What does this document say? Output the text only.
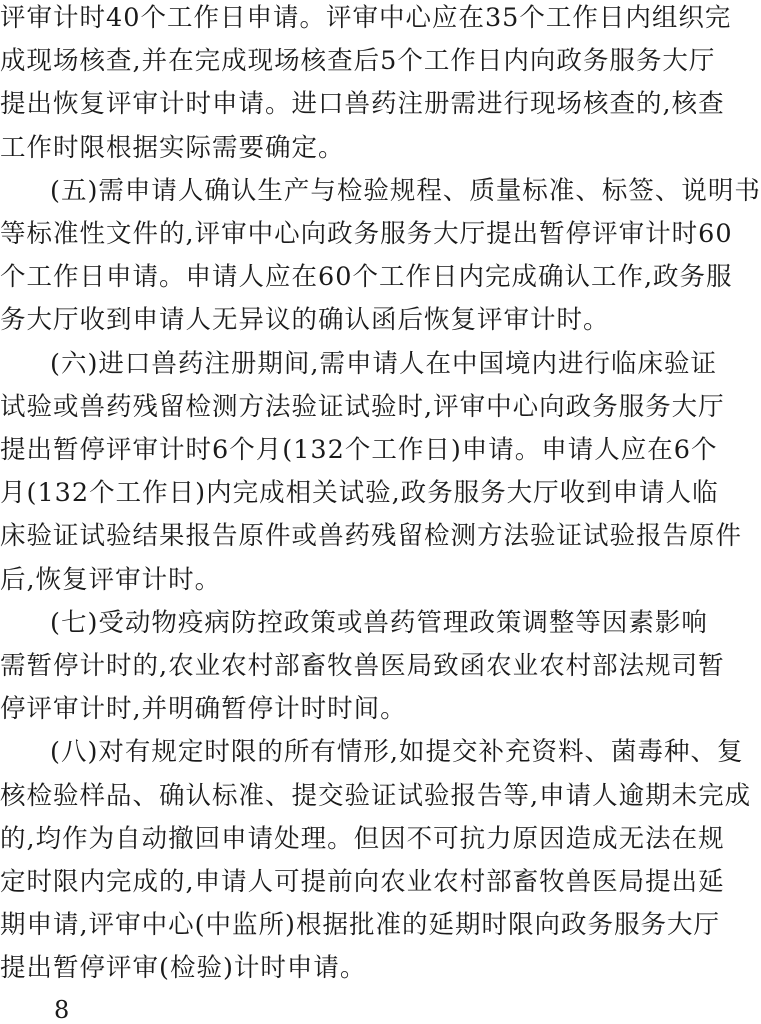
评审计时40个工作日申请。评审中心应在35个工作日内组织完
成现场核查,并在完成现场核查后5个工作日内向政务服务大厅
提出恢复评审计时申请。进口兽药注册需进行现场核查的,核查
工作时限根据实际需要确定。
(五)需申请人确认生产与检验规程、质量标准、标签、说明书
等标准性文件的,评审中心向政务服务大厅提出暂停评审计时60
个工作日申请。申请人应在60个工作日内完成确认工作,政务服
务大厅收到申请人无异议的确认函后恢复评审计时。
(六)进口兽药注册期间,需申请人在中国境内进行临床验证
试验或兽药残留检测方法验证试验时,评审中心向政务服务大厅
提出暂停评审计时6个月(132个工作日)申请。申请人应在6个
月(132个工作日)内完成相关试验,政务服务大厅收到申请人临
床验证试验结果报告原件或兽药残留检测方法验证试验报告原件
后,恢复评审计时。
(七)受动物疫病防控政策或兽药管理政策调整等因素影响
需暂停计时的,农业农村部畜牧兽医局致函农业农村部法规司暂
停评审计时,并明确暂停计时时间。
(八)对有规定时限的所有情形,如提交补充资料、菌毒种、复
核检验样品、确认标准、提交验证试验报告等,申请人逾期未完成
的,均作为自动撤回申请处理。但因不可抗力原因造成无法在规
定时限内完成的,申请人可提前向农业农村部畜牧兽医局提出延
期申请,评审中心(中监所)根据批准的延期时限向政务服务大厅
提出暂停评审(检验)计时申请。
8
